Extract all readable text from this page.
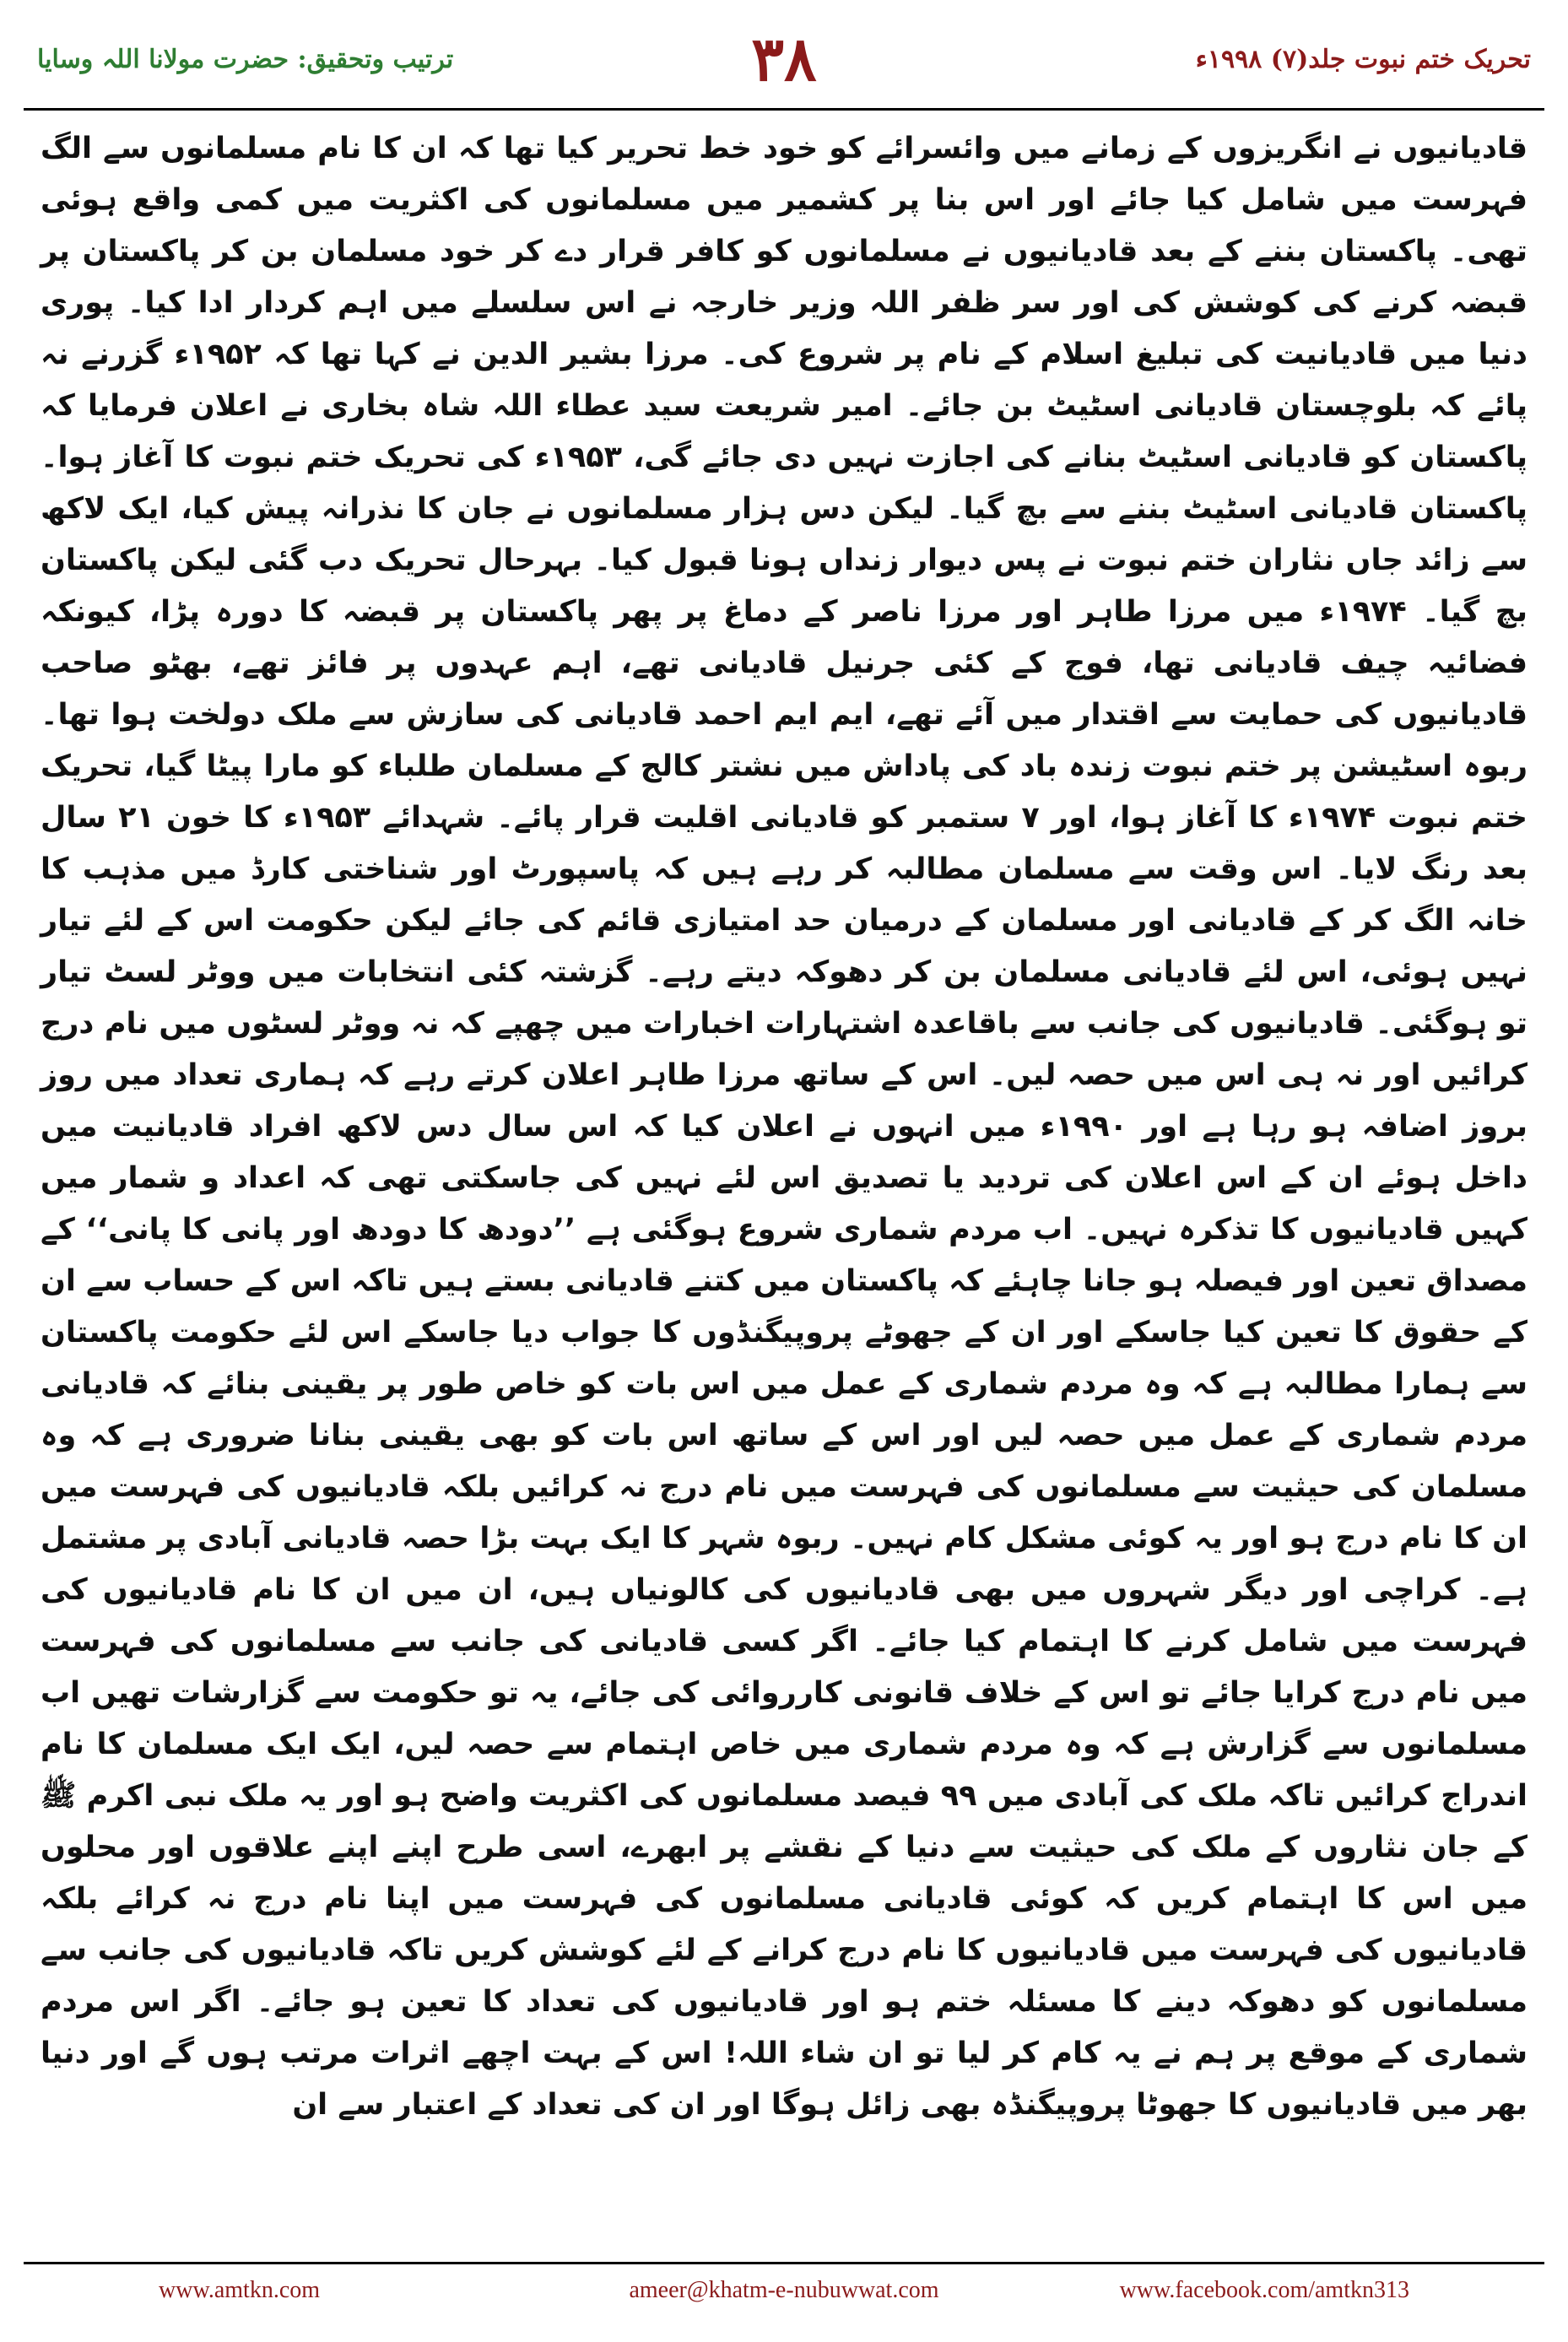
ترتیب وتحقیق: حضرت مولانا اللہ وسایا	۳۸	تحریک ختم نبوت جلد(۷) ۱۹۹۸ء

قادیانیوں نے انگریزوں کے زمانے میں وائسرائے کو خود خط تحریر کیا تھا کہ ان کا نام مسلمانوں سے الگ فہرست میں شامل کیا جائے اور اس بنا پر کشمیر میں مسلمانوں کی اکثریت میں کمی واقع ہوئی تھی۔ پاکستان بننے کے بعد قادیانیوں نے مسلمانوں کو کافر قرار دے کر خود مسلمان بن کر پاکستان پر قبضہ کرنے کی کوشش کی اور سر ظفر اللہ وزیر خارجہ نے اس سلسلے میں اہم کردار ادا کیا۔ پوری دنیا میں قادیانیت کی تبلیغ اسلام کے نام پر شروع کی۔ مرزا بشیر الدین نے کہا تھا کہ ۱۹۵۲ء گزرنے نہ پائے کہ بلوچستان قادیانی اسٹیٹ بن جائے۔ امیر شریعت سید عطاء اللہ شاہ بخاری نے اعلان فرمایا کہ پاکستان کو قادیانی اسٹیٹ بنانے کی اجازت نہیں دی جائے گی، ۱۹۵۳ء کی تحریک ختم نبوت کا آغاز ہوا۔ پاکستان قادیانی اسٹیٹ بننے سے بچ گیا۔ لیکن دس ہزار مسلمانوں نے جان کا نذرانہ پیش کیا، ایک لاکھ سے زائد جاں نثاران ختم نبوت نے پس دیوار زنداں ہونا قبول کیا۔ بہرحال تحریک دب گئی لیکن پاکستان بچ گیا۔ ۱۹۷۴ء میں مرزا طاہر اور مرزا ناصر کے دماغ پر پھر پاکستان پر قبضہ کا دورہ پڑا، کیونکہ فضائیہ چیف قادیانی تھا، فوج کے کئی جرنیل قادیانی تھے، اہم عہدوں پر فائز تھے، بھٹو صاحب قادیانیوں کی حمایت سے اقتدار میں آئے تھے، ایم ایم احمد قادیانی کی سازش سے ملک دولخت ہوا تھا۔ ربوہ اسٹیشن پر ختم نبوت زندہ باد کی پاداش میں نشتر کالج کے مسلمان طلباء کو مارا پیٹا گیا، تحریک ختم نبوت ۱۹۷۴ء کا آغاز ہوا، اور ۷ ستمبر کو قادیانی اقلیت قرار پائے۔ شہدائے ۱۹۵۳ء کا خون ۲۱ سال بعد رنگ لایا۔ اس وقت سے مسلمان مطالبہ کر رہے ہیں کہ پاسپورٹ اور شناختی کارڈ میں مذہب کا خانہ الگ کر کے قادیانی اور مسلمان کے درمیان حد امتیازی قائم کی جائے لیکن حکومت اس کے لئے تیار نہیں ہوئی، اس لئے قادیانی مسلمان بن کر دھوکہ دیتے رہے۔ گزشتہ کئی انتخابات میں ووٹر لسٹ تیار تو ہوگئی۔ قادیانیوں کی جانب سے باقاعدہ اشتہارات اخبارات میں چھپے کہ نہ ووٹر لسٹوں میں نام درج کرائیں اور نہ ہی اس میں حصہ لیں۔ اس کے ساتھ مرزا طاہر اعلان کرتے رہے کہ ہماری تعداد میں روز بروز اضافہ ہو رہا ہے اور ۱۹۹۰ء میں انہوں نے اعلان کیا کہ اس سال دس لاکھ افراد قادیانیت میں داخل ہوئے ان کے اس اعلان کی تردید یا تصدیق اس لئے نہیں کی جاسکتی تھی کہ اعداد و شمار میں کہیں قادیانیوں کا تذکرہ نہیں۔ اب مردم شماری شروع ہوگئی ہے ’’دودھ کا دودھ اور پانی کا پانی‘‘ کے مصداق تعین اور فیصلہ ہو جانا چاہئے کہ پاکستان میں کتنے قادیانی بستے ہیں تاکہ اس کے حساب سے ان کے حقوق کا تعین کیا جاسکے اور ان کے جھوٹے پروپیگنڈوں کا جواب دیا جاسکے اس لئے حکومت پاکستان سے ہمارا مطالبہ ہے کہ وہ مردم شماری کے عمل میں اس بات کو خاص طور پر یقینی بنائے کہ قادیانی مردم شماری کے عمل میں حصہ لیں اور اس کے ساتھ اس بات کو بھی یقینی بنانا ضروری ہے کہ وہ مسلمان کی حیثیت سے مسلمانوں کی فہرست میں نام درج نہ کرائیں بلکہ قادیانیوں کی فہرست میں ان کا نام درج ہو اور یہ کوئی مشکل کام نہیں۔ ربوہ شہر کا ایک بہت بڑا حصہ قادیانی آبادی پر مشتمل ہے۔ کراچی اور دیگر شہروں میں بھی قادیانیوں کی کالونیاں ہیں، ان میں ان کا نام قادیانیوں کی فہرست میں شامل کرنے کا اہتمام کیا جائے۔ اگر کسی قادیانی کی جانب سے مسلمانوں کی فہرست میں نام درج کرایا جائے تو اس کے خلاف قانونی کارروائی کی جائے، یہ تو حکومت سے گزارشات تھیں اب مسلمانوں سے گزارش ہے کہ وہ مردم شماری میں خاص اہتمام سے حصہ لیں، ایک ایک مسلمان کا نام اندراج کرائیں تاکہ ملک کی آبادی میں ۹۹ فیصد مسلمانوں کی اکثریت واضح ہو اور یہ ملک نبی اکرم ﷺ کے جان نثاروں کے ملک کی حیثیت سے دنیا کے نقشے پر ابھرے، اسی طرح اپنے اپنے علاقوں اور محلوں میں اس کا اہتمام کریں کہ کوئی قادیانی مسلمانوں کی فہرست میں اپنا نام درج نہ کرائے بلکہ قادیانیوں کی فہرست میں قادیانیوں کا نام درج کرانے کے لئے کوشش کریں تاکہ قادیانیوں کی جانب سے مسلمانوں کو دھوکہ دینے کا مسئلہ ختم ہو اور قادیانیوں کی تعداد کا تعین ہو جائے۔ اگر اس مردم شماری کے موقع پر ہم نے یہ کام کر لیا تو ان شاء اللہ! اس کے بہت اچھے اثرات مرتب ہوں گے اور دنیا بھر میں قادیانیوں کا جھوٹا پروپیگنڈہ بھی زائل ہوگا اور ان کی تعداد کے اعتبار سے ان

www.amtkn.com	ameer@khatm-e-nubuwwat.com	www.facebook.com/amtkn313
